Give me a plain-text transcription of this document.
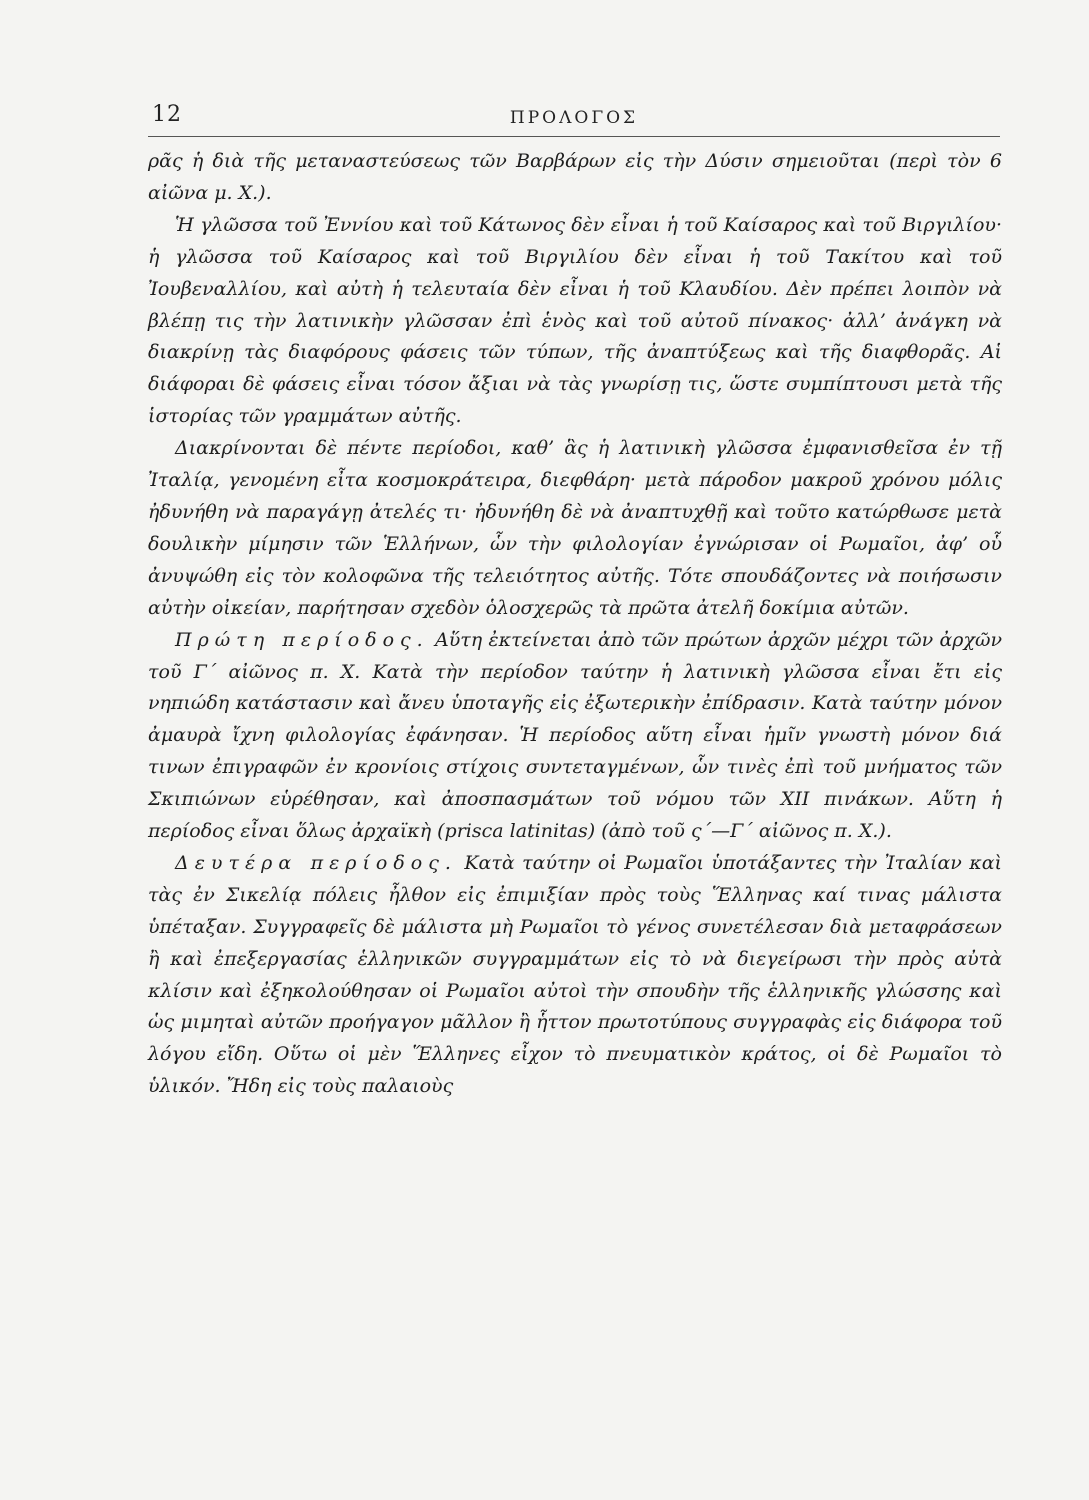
12	ΠΡΟΛΟΓΟΣ

ρᾶς ἡ διὰ τῆς μεταναστεύσεως τῶν Βαρβάρων εἰς τὴν Δύσιν σημειοῦται (περὶ τὸν 6 αἰῶνα μ. Χ.).

Ἡ γλῶσσα τοῦ Ἐννίου καὶ τοῦ Κάτωνος δὲν εἶναι ἡ τοῦ Καίσαρος καὶ τοῦ Βιργιλίου· ἡ γλῶσσα τοῦ Καίσαρος καὶ τοῦ Βιργιλίου δὲν εἶναι ἡ τοῦ Τακίτου καὶ τοῦ Ἰουβεναλλίου, καὶ αὐτὴ ἡ τελευταία δὲν εἶναι ἡ τοῦ Κλαυδίου. Δὲν πρέπει λοιπὸν νὰ βλέπῃ τις τὴν λατινικὴν γλῶσσαν ἐπὶ ἑνὸς καὶ τοῦ αὐτοῦ πίνακος· ἀλλ’ ἀνάγκη νὰ διακρίνῃ τὰς διαφόρους φάσεις τῶν τύπων, τῆς ἀναπτύξεως καὶ τῆς διαφθορᾶς. Αἱ διάφοραι δὲ φάσεις εἶναι τόσον ἄξιαι νὰ τὰς γνωρίσῃ τις, ὥστε συμπίπτουσι μετὰ τῆς ἱστορίας τῶν γραμμάτων αὐτῆς.

Διακρίνονται δὲ πέντε περίοδοι, καθ’ ἃς ἡ λατινικὴ γλῶσσα ἐμφανισθεῖσα ἐν τῇ Ἰταλίᾳ, γενομένη εἶτα κοσμοκράτειρα, διεφθάρη· μετὰ πάροδον μακροῦ χρόνου μόλις ἠδυνήθη νὰ παραγάγῃ ἀτελές τι· ἠδυνήθη δὲ νὰ ἀναπτυχθῇ καὶ τοῦτο κατώρθωσε μετὰ δουλικὴν μίμησιν τῶν Ἑλλήνων, ὧν τὴν φιλολογίαν ἐγνώρισαν οἱ Ρωμαῖοι, ἀφ’ οὗ ἀνυψώθη εἰς τὸν κολοφῶνα τῆς τελειότητος αὐτῆς. Τότε σπουδάζοντες νὰ ποιήσωσιν αὐτὴν οἰκείαν, παρήτησαν σχεδὸν ὁλοσχερῶς τὰ πρῶτα ἀτελῆ δοκίμια αὐτῶν.

Πρώτη περίοδος. Αὕτη ἐκτείνεται ἀπὸ τῶν πρώτων ἀρχῶν μέχρι τῶν ἀρχῶν τοῦ Γ΄ αἰῶνος π. Χ. Κατὰ τὴν περίοδον ταύτην ἡ λατινικὴ γλῶσσα εἶναι ἔτι εἰς νηπιώδη κατάστασιν καὶ ἄνευ ὑποταγῆς εἰς ἐξωτερικὴν ἐπίδρασιν. Κατὰ ταύτην μόνον ἀμαυρὰ ἴχνη φιλολογίας ἐφάνησαν. Ἡ περίοδος αὕτη εἶναι ἡμῖν γνωστὴ μόνον διά τινων ἐπιγραφῶν ἐν κρονίοις στίχοις συντεταγμένων, ὧν τινὲς ἐπὶ τοῦ μνήματος τῶν Σκιπιώνων εὑρέθησαν, καὶ ἀποσπασμάτων τοῦ νόμου τῶν XII πινάκων. Αὕτη ἡ περίοδος εἶναι ὅλως ἀρχαϊκὴ (prisca latinitas) (ἀπὸ τοῦ ς΄—Γ΄ αἰῶνος π. Χ.).

Δευτέρα περίοδος. Κατὰ ταύτην οἱ Ρωμαῖοι ὑποτάξαντες τὴν Ἰταλίαν καὶ τὰς ἐν Σικελίᾳ πόλεις ἦλθον εἰς ἐπιμιξίαν πρὸς τοὺς Ἕλληνας καί τινας μάλιστα ὑπέταξαν. Συγγραφεῖς δὲ μάλιστα μὴ Ρωμαῖοι τὸ γένος συνετέλεσαν διὰ μεταφράσεων ἢ καὶ ἐπεξεργασίας ἑλληνικῶν συγγραμμάτων εἰς τὸ νὰ διεγείρωσι τὴν πρὸς αὐτὰ κλίσιν καὶ ἐξηκολούθησαν οἱ Ρωμαῖοι αὐτοὶ τὴν σπουδὴν τῆς ἑλληνικῆς γλώσσης καὶ ὡς μιμηταὶ αὐτῶν προήγαγον μᾶλλον ἢ ἧττον πρωτοτύπους συγγραφὰς εἰς διάφορα τοῦ λόγου εἴδη. Οὕτω οἱ μὲν Ἕλληνες εἶχον τὸ πνευματικὸν κράτος, οἱ δὲ Ρωμαῖοι τὸ ὑλικόν. Ἤδη εἰς τοὺς παλαιοὺς
